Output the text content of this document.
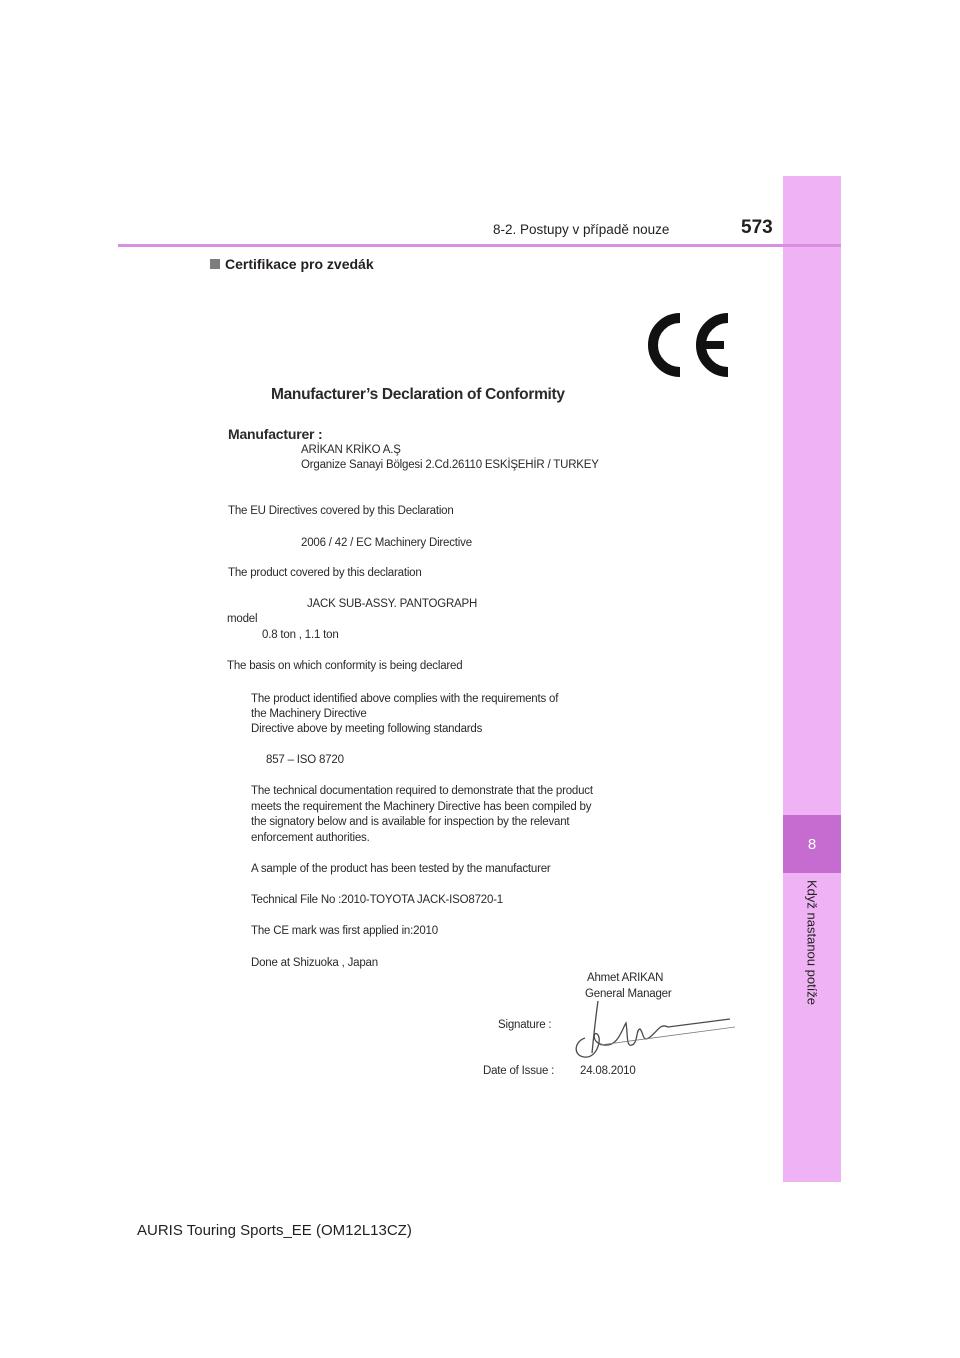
8
Když nastanou potíže
8-2. Postupy v případě nouze	573
Certifikace pro zvedák
Manufacturer’s Declaration of Conformity
Manufacturer :
ARİKAN KRİKO A.Ş
Organize Sanayi Bölgesi 2.Cd.26110 ESKİŞEHİR / TURKEY
The EU Directives covered by this Declaration
2006 / 42 / EC Machinery Directive
The product covered by this declaration
JACK SUB-ASSY. PANTOGRAPH
model
0.8 ton , 1.1 ton
The basis on which conformity is being declared
The product identified above complies with the requirements of
the Machinery Directive
Directive above by meeting following standards
857 – ISO 8720
The technical documentation required to demonstrate that the product
meets the requirement the Machinery Directive has been compiled by
the signatory below and is available for inspection by the relevant
enforcement authorities.
A sample of the product has been tested by the manufacturer
Technical File No :2010-TOYOTA JACK-ISO8720-1
The CE mark was first applied in:2010
Done at Shizuoka , Japan
Ahmet ARIKAN
General Manager
Signature :
Date of Issue : 24.08.2010
AURIS Touring Sports_EE (OM12L13CZ)
